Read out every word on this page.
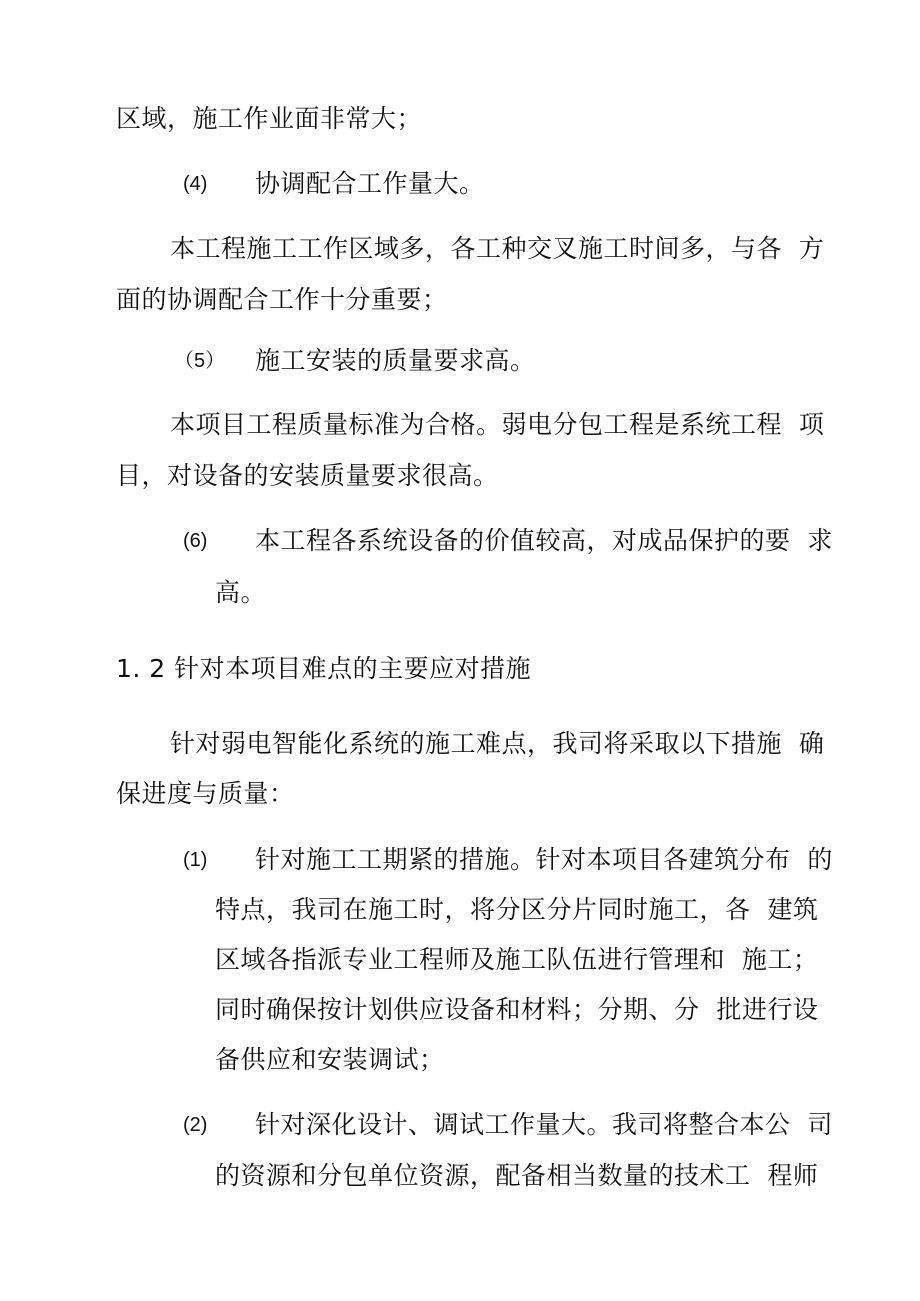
区域，施工作业面非常大；
(4) 协调配合工作量大。
本工程施工工作区域多，各工种交叉施工时间多，与各  方
面的协调配合工作十分重要；
（5） 施工安装的质量要求高。
本项目工程质量标准为合格。弱电分包工程是系统工程  项
目，对设备的安装质量要求很高。
(6) 本工程各系统设备的价值较高，对成品保护的要  求
高。
1. 2 针对本项目难点的主要应对措施
针对弱电智能化系统的施工难点，我司将采取以下措施  确
保进度与质量：
(1) 针对施工工期紧的措施。针对本项目各建筑分布  的
特点，我司在施工时，将分区分片同时施工，各  建筑
区域各指派专业工程师及施工队伍进行管理和  施工；
同时确保按计划供应设备和材料；分期、分  批进行设
备供应和安装调试；
(2) 针对深化设计、调试工作量大。我司将整合本公  司
的资源和分包单位资源，配备相当数量的技术工  程师
